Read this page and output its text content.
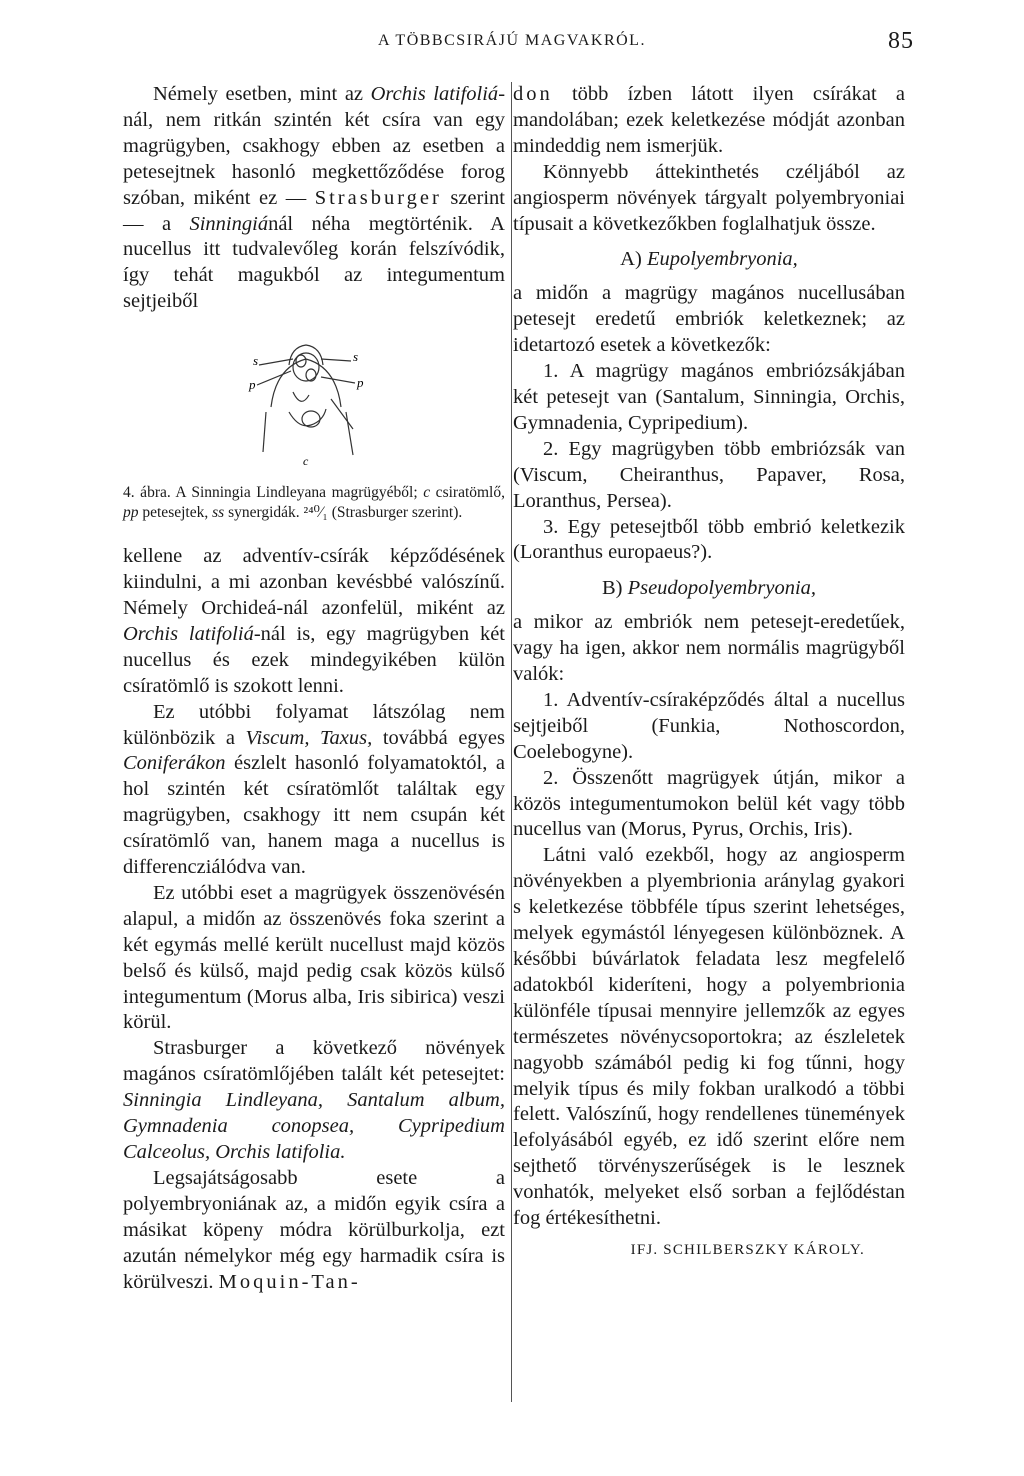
A TÖBBCSIRÁJÚ MAGVAKRÓL.	85

Némely esetben, mint az Orchis latifoliá-nál, nem ritkán szintén két csíra van egy magrügyben, csakhogy ebben az esetben a petesejtnek hasonló megkettőződése forog szóban, miként ez — Strasburger szerint — a Sinningiánál néha megtörténik. A nucellus itt tudvalevőleg korán felszívódik, így tehát magukból az integumentum sejtjeiből

s	s
p	p
c

4. ábra. A Sinningia Lindleyana magrügyéből; c csiratömlő, pp petesejtek, ss synergidák. ²⁴⁰⁄₁ (Strasburger szerint).

kellene az adventív-csírák képződésének kiindulni, a mi azonban kevésbbé valószínű. Némely Orchideá-nál azonfelül, miként az Orchis latifoliá-nál is, egy magrügyben két nucellus és ezek mindegyikében külön csíratömlő is szokott lenni.

Ez utóbbi folyamat látszólag nem különbözik a Viscum, Taxus, továbbá egyes Coniferákon észlelt hasonló folyamatoktól, a hol szintén két csíratömlőt találtak egy magrügyben, csakhogy itt nem csupán két csíratömlő van, hanem maga a nucellus is differencziálódva van.

Ez utóbbi eset a magrügyek összenövésén alapul, a midőn az összenövés foka szerint a két egymás mellé került nucellust majd közös belső és külső, majd pedig csak közös külső integumentum (Morus alba, Iris sibirica) veszi körül.

Strasburger a következő növények magános csíratömlőjében talált két petesejtet: Sinningia Lindleyana, Santalum album, Gymnadenia conopsea, Cypripedium Calceolus, Orchis latifolia.

Legsajátságosabb esete a polyembryoniának az, a midőn egyik csíra a másikat köpeny módra körülburkolja, ezt azután némelykor még egy harmadik csíra is körülveszi. Moquin-Tan-

don több ízben látott ilyen csírákat a mandolában; ezek keletkezése módját azonban mindeddig nem ismerjük.

Könnyebb áttekinthetés czéljából az angiosperm növények tárgyalt polyembryoniai típusait a következőkben foglalhatjuk össze.

A) Eupolyembryonia,

a midőn a magrügy magános nucellusában petesejt eredetű embriók keletkeznek; az idetartozó esetek a következők:

1. A magrügy magános embriózsákjában két petesejt van (Santalum, Sinningia, Orchis, Gymnadenia, Cypripedium).

2. Egy magrügyben több embriózsák van (Viscum, Cheiranthus, Papaver, Rosa, Loranthus, Persea).

3. Egy petesejtből több embrió keletkezik (Loranthus europaeus?).

B) Pseudopolyembryonia,

a mikor az embriók nem petesejt-eredetűek, vagy ha igen, akkor nem normális magrügyből valók:

1. Adventív-csíraképződés által a nucellus sejtjeiből (Funkia, Nothoscordon, Coelebogyne).

2. Összenőtt magrügyek útján, mikor a közös integumentumokon belül két vagy több nucellus van (Morus, Pyrus, Orchis, Iris).

Látni való ezekből, hogy az angiosperm növényekben a plyembrionia aránylag gyakori s keletkezése többféle típus szerint lehetséges, melyek egymástól lényegesen különböznek. A későbbi búvárlatok feladata lesz megfelelő adatokból kideríteni, hogy a polyembrionia különféle típusai mennyire jellemzők az egyes természetes növénycsoportokra; az észleletek nagyobb számából pedig ki fog tűnni, hogy melyik típus és mily fokban uralkodó a többi felett. Valószínű, hogy rendellenes tünemények lefolyásából egyéb, ez idő szerint előre nem sejthető törvényszerűségek is le lesznek vonhatók, melyeket első sorban a fejlődéstan fog értékesíthetni.

IFJ. SCHILBERSZKY KÁROLY.
